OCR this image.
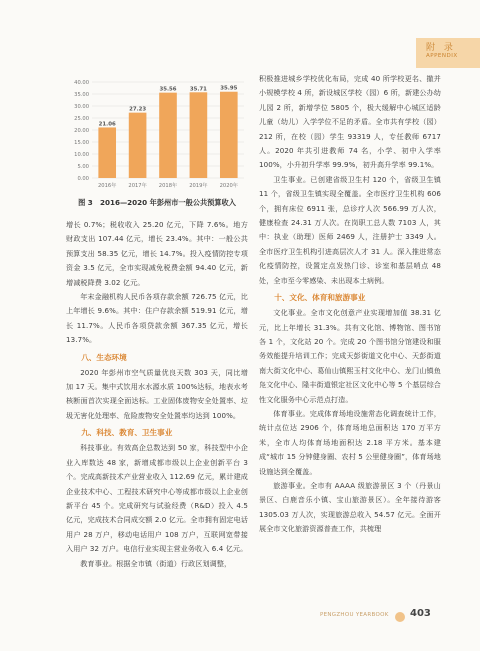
附 录
APPENDIX
0.00
5.00
10.00
15.00
20.00
25.00
30.00
35.00
40.00
21.06
2016年
27.23
2017年
35.56
2018年
35.71
2019年
35.95
2020年
图 3　2016—2020 年彭州市一般公共预算收入

增长 0.7%；税收收入 25.20 亿元，下降 7.6%。地方财政支出 107.44 亿元，增长 23.4%。其中：一般公共预算支出 58.35 亿元，增长 14.7%。投入疫情防控专项资金 3.5 亿元，全市实现减免税费金额 94.40 亿元，新增减税降费 3.02 亿元。

年末金融机构人民币各项存款余额 726.75 亿元，比上年增长 9.6%。其中：住户存款余额 519.91 亿元，增长 11.7%。人民币各项贷款余额 367.35 亿元，增长 13.7%。

八、生态环境

2020 年彭州市空气质量优良天数 303 天，同比增加 17 天。集中式饮用水水源水质 100%达标，地表水考核断面首次实现全面达标。工业固体废物安全处置率、垃圾无害化处理率、危险废物安全处置率均达到 100%。

九、科技、教育、卫生事业

科技事业。有效高企总数达到 50 家，科技型中小企业入库数达 48 家，新增成都市级以上企业创新平台 3 个。完成高新技术产业营业收入 112.69 亿元，累计建成企业技术中心、工程技术研究中心等成都市级以上企业创新平台 45 个。完成研究与试验经费（R&D）投入 4.5 亿元，完成技术合同成交额 2.0 亿元。全市拥有固定电话用户 28 万户，移动电话用户 108 万户，互联网宽带接入用户 32 万户。电信行业实现主营业务收入 6.4 亿元。

教育事业。根据全市镇（街道）行政区划调整，

积极推进城乡学校优化布局，完成 40 所学校更名、撤并小规模学校 4 所，新设城区学校（园）6 所，新建公办幼儿园 2 所，新增学位 5805 个，极大缓解中心城区适龄儿童（幼儿）入学学位不足的矛盾。全市共有学校（园）212 所，在校（园）学生 93319 人，专任教师 6717 人。2020 年共引进教师 74 名，小学、初中入学率 100%，小升初升学率 99.9%，初升高升学率 99.1%。

卫生事业。已创建省级卫生村 120 个，省级卫生镇 11 个，省级卫生镇实现全覆盖。全市医疗卫生机构 606 个，拥有床位 6911 张，总诊疗人次 566.99 万人次，健康检查 24.31 万人次。在岗职工总人数 7103 人，其中：执业（助理）医师 2469 人，注册护士 3349 人。全市医疗卫生机构引进高层次人才 31 人。深入推进常态化疫情防控，设置定点发热门诊、诊室和基层哨点 48 处，全市至今零感染、未出现本土病例。

十、文化、体育和旅游事业

文化事业。全市文化创意产业实现增加值 38.31 亿元，比上年增长 31.3%。共有文化馆、博物馆、图书馆各 1 个，文化站 20 个。完成 20 个图书馆分馆建设和服务效能提升培训工作；完成天彭街道文化中心、天彭街道南大街文化中心、葛仙山镇熙玉村文化中心、龙门山镇鱼凫文化中心、隆丰街道银定社区文化中心等 5 个基层综合性文化服务中心示范点打造。

体育事业。完成体育场地设施常态化调查统计工作，统计点位达 2906 个，体育场地总面积达 170 万平方米，全市人均体育场地面积达 2.18 平方米。基本建成“城市 15 分钟健身圈、农村 5 公里健身圈”，体育场地设施达到全覆盖。

旅游事业。全市有 AAAA 级旅游景区 3 个（丹景山景区、白鹿音乐小镇、宝山旅游景区）。全年接待游客 1305.03 万人次，实现旅游总收入 54.57 亿元。全面开展全市文化旅游资源普查工作，共梳理

PENGZHOU YEARBOOK 403
